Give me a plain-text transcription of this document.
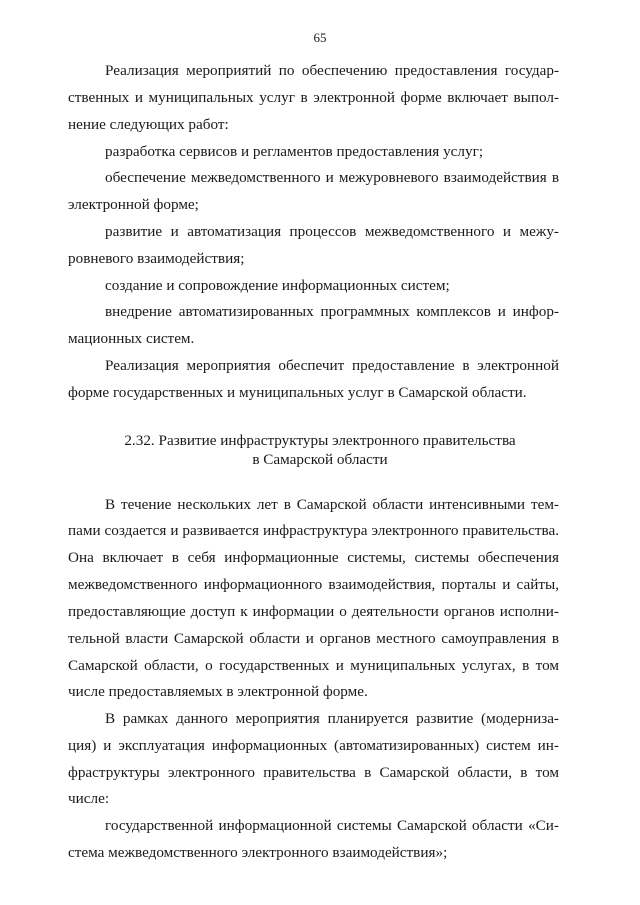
65
Реализация мероприятий по обеспечению предоставления государ-
ственных и муниципальных услуг в электронной форме включает выпол-
нение следующих работ:
разработка сервисов и регламентов предоставления услуг;
обеспечение межведомственного и межуровневого взаимодействия в
электронной форме;
развитие и автоматизация процессов межведомственного и межу-
ровневого взаимодействия;
создание и сопровождение информационных систем;
внедрение автоматизированных программных комплексов и инфор-
мационных систем.
Реализация мероприятия обеспечит предоставление в электронной
форме государственных и муниципальных услуг в Самарской области.
2.32. Развитие инфраструктуры электронного правительства
в Самарской области
В течение нескольких лет в Самарской области интенсивными тем-
пами создается и развивается инфраструктура электронного правительства.
Она включает в себя информационные системы, системы обеспечения
межведомственного информационного взаимодействия, порталы и сайты,
предоставляющие доступ к информации о деятельности органов исполни-
тельной власти Самарской области и органов местного самоуправления в
Самарской области, о государственных и муниципальных услугах, в том
числе предоставляемых в электронной форме.
В рамках данного мероприятия планируется развитие (модерниза-
ция) и эксплуатация информационных (автоматизированных) систем ин-
фраструктуры электронного правительства в Самарской области, в том
числе:
государственной информационной системы Самарской области «Си-
стема межведомственного электронного взаимодействия»;
